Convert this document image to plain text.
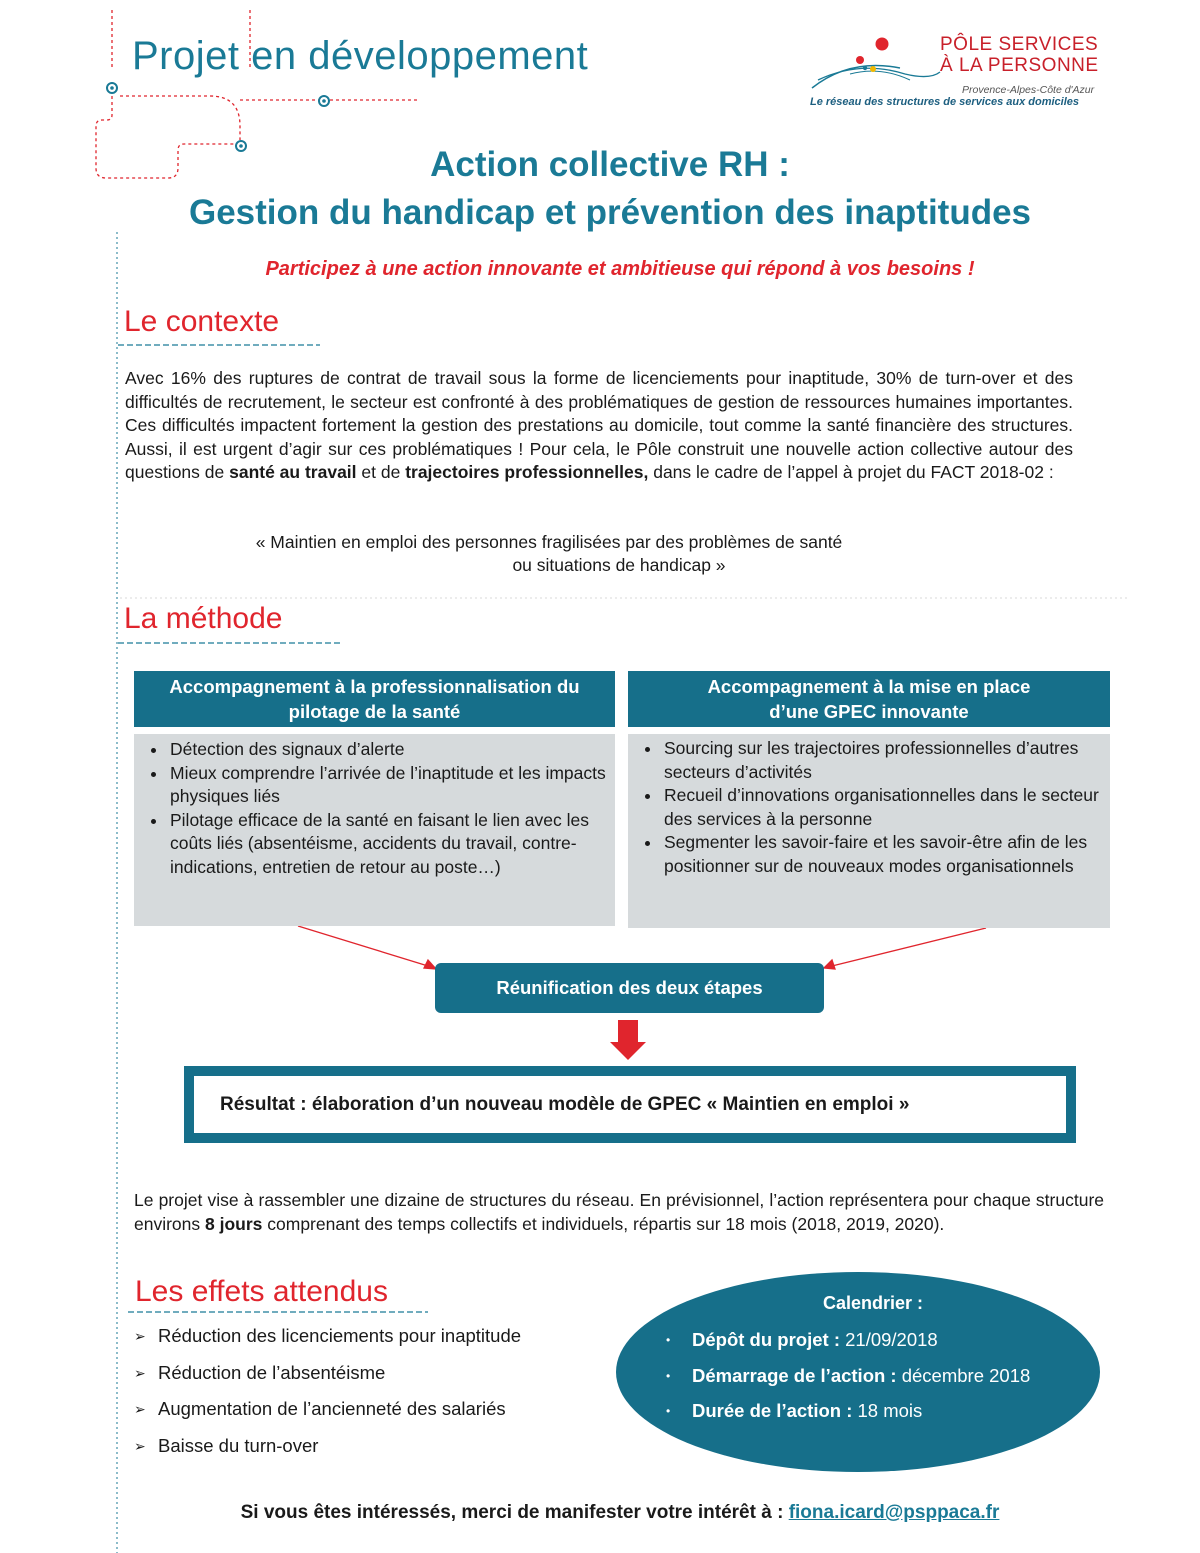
Projet en développement	PÔLE SERVICES
À LA PERSONNE
Provence-Alpes-Côte d'Azur
Le réseau des structures de services aux domiciles
Action collective RH :
Gestion du handicap et prévention des inaptitudes
Participez à une action innovante et ambitieuse qui répond à vos besoins !
Le contexte
Avec 16% des ruptures de contrat de travail sous la forme de licenciements pour inaptitude, 30% de turn-over et des difficultés de recrutement, le secteur est confronté à des problématiques de gestion de ressources humaines importantes. Ces difficultés impactent fortement la gestion des prestations au domicile, tout comme la santé financière des structures. Aussi, il est urgent d’agir sur ces problématiques ! Pour cela, le Pôle construit une nouvelle action collective autour des questions de santé au travail et de trajectoires professionnelles, dans le cadre de l’appel à projet du FACT 2018-02 :
« Maintien en emploi des personnes fragilisées par des problèmes de santé
ou situations de handicap »
La méthode
Accompagnement à la professionnalisation du pilotage de la santé
• Détection des signaux d’alerte
• Mieux comprendre l’arrivée de l’inaptitude et les impacts physiques liés
• Pilotage efficace de la santé en faisant le lien avec les coûts liés (absentéisme, accidents du travail, contre-indications, entretien de retour au poste…)
Accompagnement à la mise en place d’une GPEC innovante
• Sourcing sur les trajectoires professionnelles d’autres secteurs d’activités
• Recueil d’innovations organisationnelles dans le secteur des services à la personne
• Segmenter les savoir-faire et les savoir-être afin de les positionner sur de nouveaux modes organisationnels
Réunification des deux étapes
Résultat : élaboration d’un nouveau modèle de GPEC « Maintien en emploi »
Le projet vise à rassembler une dizaine de structures du réseau. En prévisionnel, l’action représentera pour chaque structure environs 8 jours comprenant des temps collectifs et individuels, répartis sur 18 mois (2018, 2019, 2020).
Les effets attendus
➢ Réduction des licenciements pour inaptitude
➢ Réduction de l’absentéisme
➢ Augmentation de l’ancienneté des salariés
➢ Baisse du turn-over
Calendrier :
•	Dépôt du projet : 21/09/2018
•	Démarrage de l’action : décembre 2018
•	Durée de l’action : 18 mois
Si vous êtes intéressés, merci de manifester votre intérêt à : fiona.icard@psppaca.fr
